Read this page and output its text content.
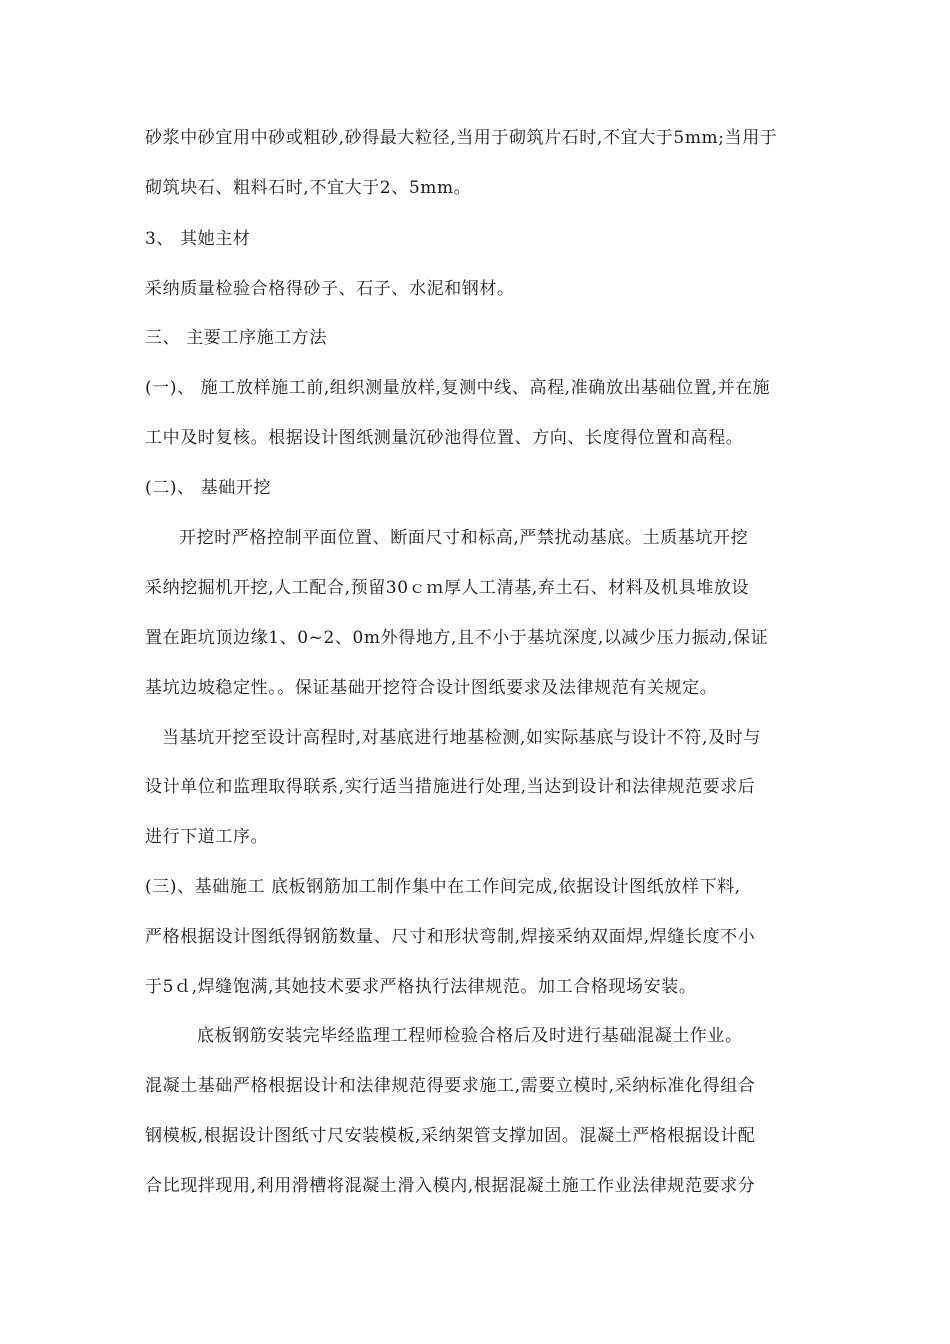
砂浆中砂宜用中砂或粗砂,砂得最大粒径,当用于砌筑片石时,不宜大于5mm;当用于

砌筑块石、粗料石时,不宜大于2、5mm。

3、 其她主材

采纳质量检验合格得砂子、石子、水泥和钢材。

三、 主要工序施工方法

(一)、 施工放样施工前,组织测量放样,复测中线、高程,准确放出基础位置,并在施

工中及时复核。根据设计图纸测量沉砂池得位置、方向、长度得位置和高程。

(二)、 基础开挖

开挖时严格控制平面位置、断面尺寸和标高,严禁扰动基底。土质基坑开挖

采纳挖掘机开挖,人工配合,预留30ｃｍ厚人工清基,弃土石、材料及机具堆放设

置在距坑顶边缘1、0~2、0m外得地方,且不小于基坑深度,以减少压力振动,保证

基坑边坡稳定性。。保证基础开挖符合设计图纸要求及法律规范有关规定。

当基坑开挖至设计高程时,对基底进行地基检测,如实际基底与设计不符,及时与

设计单位和监理取得联系,实行适当措施进行处理,当达到设计和法律规范要求后

进行下道工序。

(三)、基础施工 底板钢筋加工制作集中在工作间完成,依据设计图纸放样下料,

严格根据设计图纸得钢筋数量、尺寸和形状弯制,焊接采纳双面焊,焊缝长度不小

于5ｄ,焊缝饱满,其她技术要求严格执行法律规范。加工合格现场安装。

底板钢筋安装完毕经监理工程师检验合格后及时进行基础混凝土作业。

混凝土基础严格根据设计和法律规范得要求施工,需要立模时,采纳标准化得组合

钢模板,根据设计图纸寸尺安装模板,采纳架管支撑加固。混凝土严格根据设计配

合比现拌现用,利用滑槽将混凝土滑入模内,根据混凝土施工作业法律规范要求分
